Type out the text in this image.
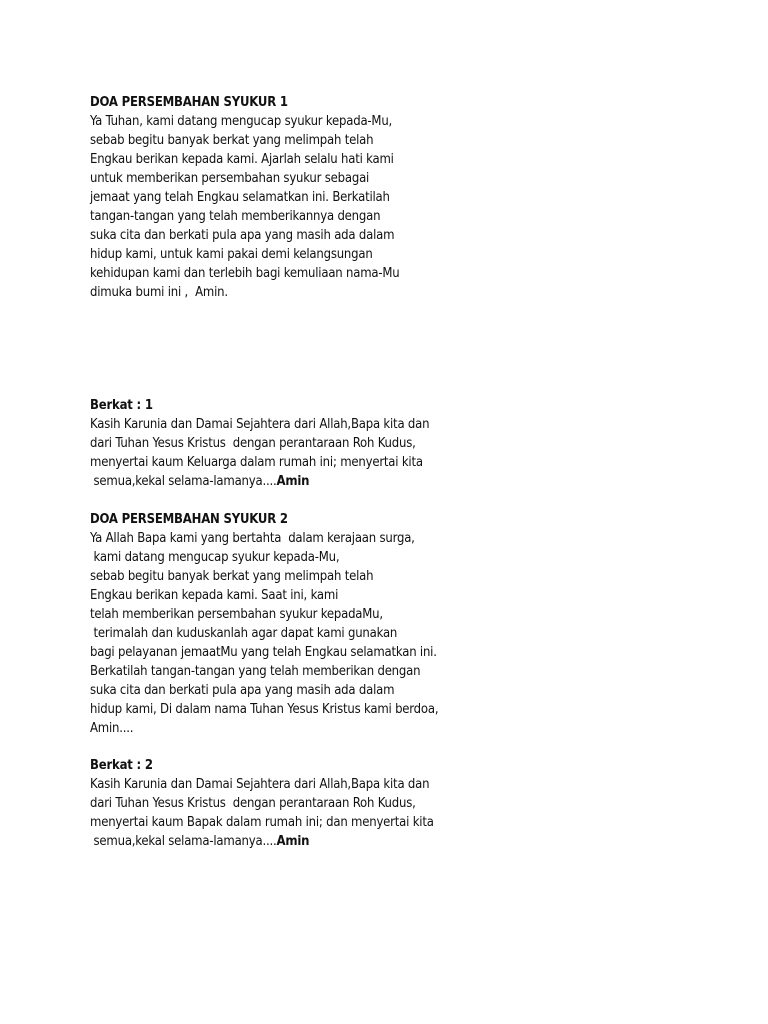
DOA PERSEMBAHAN SYUKUR 1
Ya Tuhan, kami datang mengucap syukur kepada-Mu,
sebab begitu banyak berkat yang melimpah telah
Engkau berikan kepada kami. Ajarlah selalu hati kami
untuk memberikan persembahan syukur sebagai
jemaat yang telah Engkau selamatkan ini. Berkatilah
tangan-tangan yang telah memberikannya dengan
suka cita dan berkati pula apa yang masih ada dalam
hidup kami, untuk kami pakai demi kelangsungan
kehidupan kami dan terlebih bagi kemuliaan nama-Mu
dimuka bumi ini ,  Amin.
Berkat : 1
Kasih Karunia dan Damai Sejahtera dari Allah,Bapa kita dan
dari Tuhan Yesus Kristus  dengan perantaraan Roh Kudus,
menyertai kaum Keluarga dalam rumah ini; menyertai kita
semua,kekal selama-lamanya....Amin
DOA PERSEMBAHAN SYUKUR 2
Ya Allah Bapa kami yang bertahta  dalam kerajaan surga,
kami datang mengucap syukur kepada-Mu,
sebab begitu banyak berkat yang melimpah telah
Engkau berikan kepada kami. Saat ini, kami
telah memberikan persembahan syukur kepadaMu,
terimalah dan kuduskanlah agar dapat kami gunakan
bagi pelayanan jemaatMu yang telah Engkau selamatkan ini.
Berkatilah tangan-tangan yang telah memberikan dengan
suka cita dan berkati pula apa yang masih ada dalam
hidup kami, Di dalam nama Tuhan Yesus Kristus kami berdoa,
Amin....
Berkat : 2
Kasih Karunia dan Damai Sejahtera dari Allah,Bapa kita dan
dari Tuhan Yesus Kristus  dengan perantaraan Roh Kudus,
menyertai kaum Bapak dalam rumah ini; dan menyertai kita
semua,kekal selama-lamanya....Amin
